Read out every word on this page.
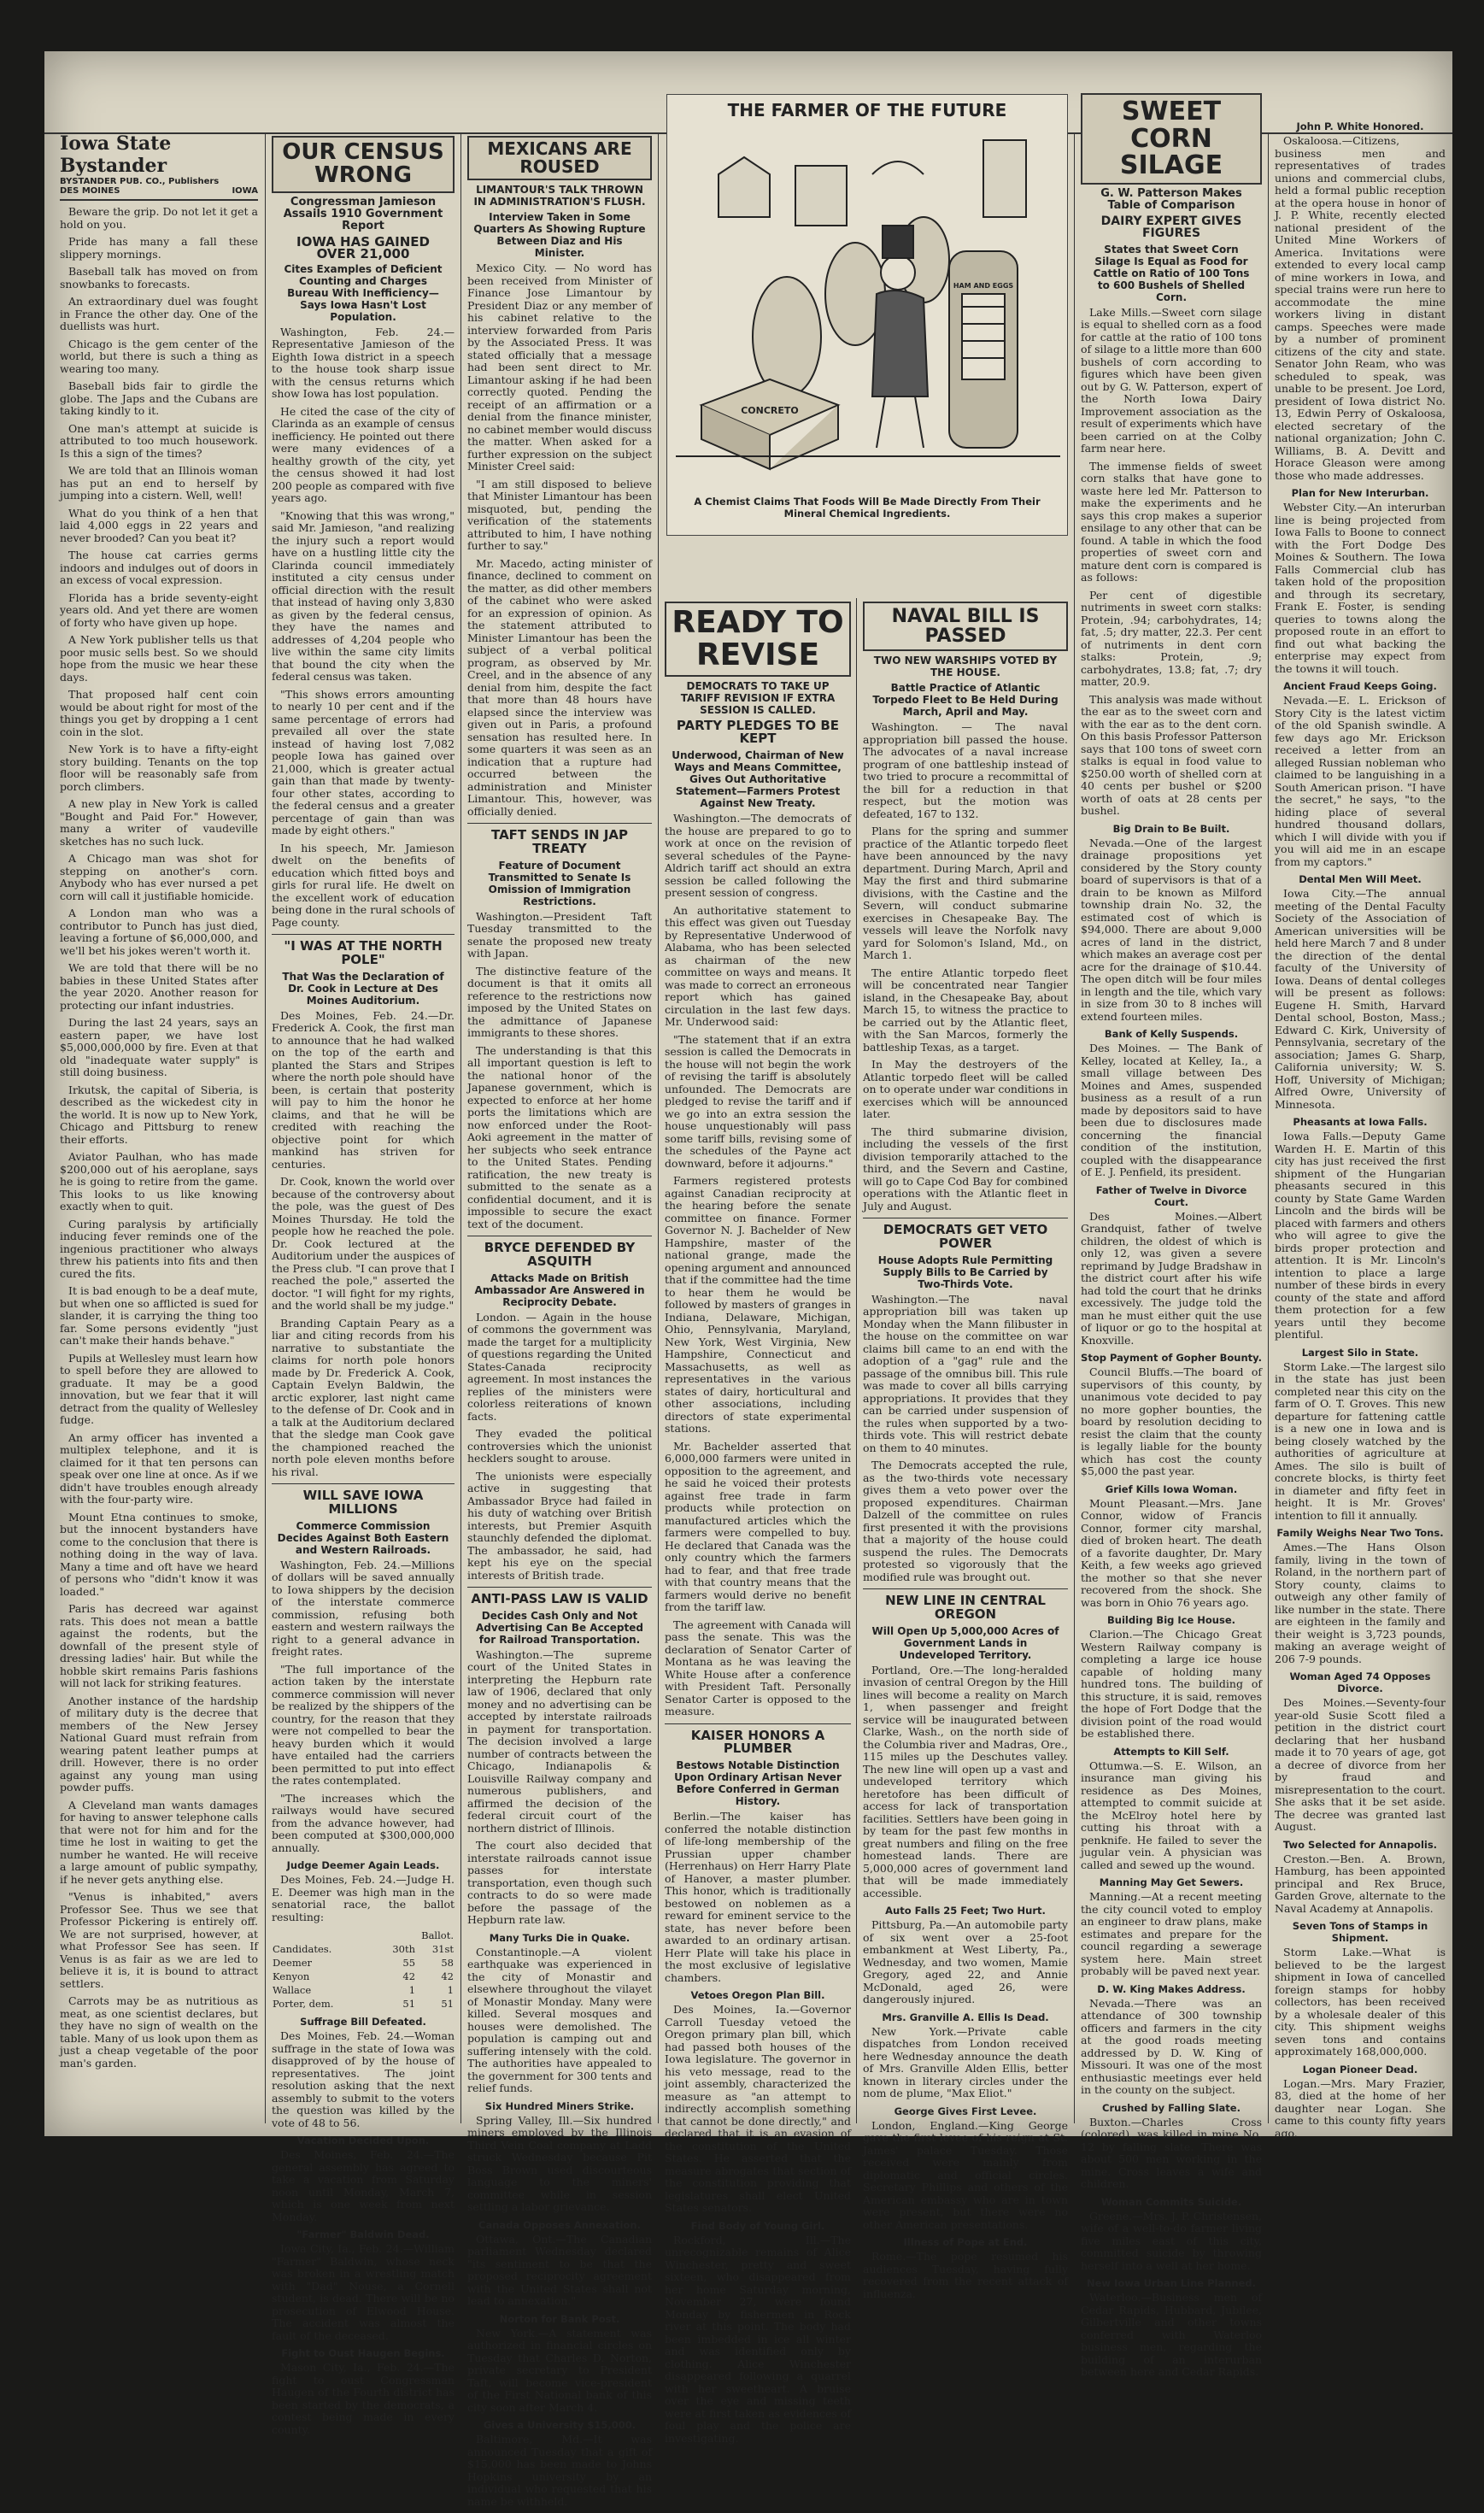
Iowa State Bystander
BYSTANDER PUB. CO., Publishers
DES MOINES	IOWA

Beware the grip. Do not let it get a hold on you.

Pride has many a fall these slippery mornings.

Baseball talk has moved on from snowbanks to forecasts.

An extraordinary duel was fought in France the other day. One of the duellists was hurt.

Chicago is the gem center of the world, but there is such a thing as wearing too many.

Baseball bids fair to girdle the globe. The Japs and the Cubans are taking kindly to it.

One man's attempt at suicide is attributed to too much housework. Is this a sign of the times?

We are told that an Illinois woman has put an end to herself by jumping into a cistern. Well, well!

What do you think of a hen that laid 4,000 eggs in 22 years and never brooded? Can you beat it?

The house cat carries germs indoors and indulges out of doors in an excess of vocal expression.

Florida has a bride seventy-eight years old. And yet there are women of forty who have given up hope.

A New York publisher tells us that poor music sells best. So we should hope from the music we hear these days.

That proposed half cent coin would be about right for most of the things you get by dropping a 1 cent coin in the slot.

New York is to have a fifty-eight story building. Tenants on the top floor will be reasonably safe from porch climbers.

A new play in New York is called "Bought and Paid For." However, many a writer of vaudeville sketches has no such luck.

A Chicago man was shot for stepping on another's corn. Anybody who has ever nursed a pet corn will call it justifiable homicide.

A London man who was a contributor to Punch has just died, leaving a fortune of $6,000,000, and we'll bet his jokes weren't worth it.

We are told that there will be no babies in these United States after the year 2020. Another reason for protecting our infant industries.

During the last 24 years, says an eastern paper, we have lost $5,000,000,000 by fire. Even at that old "inadequate water supply" is still doing business.

Irkutsk, the capital of Siberia, is described as the wickedest city in the world. It is now up to New York, Chicago and Pittsburg to renew their efforts.

Aviator Paulhan, who has made $200,000 out of his aeroplane, says he is going to retire from the game. This looks to us like knowing exactly when to quit.

Curing paralysis by artificially inducing fever reminds one of the ingenious practitioner who always threw his patients into fits and then cured the fits.

It is bad enough to be a deaf mute, but when one so afflicted is sued for slander, it is carrying the thing too far. Some persons evidently "just can't make their hands behave."

Pupils at Wellesley must learn how to spell before they are allowed to graduate. It may be a good innovation, but we fear that it will detract from the quality of Wellesley fudge.

An army officer has invented a multiplex telephone, and it is claimed for it that ten persons can speak over one line at once. As if we didn't have troubles enough already with the four-party wire.

Mount Etna continues to smoke, but the innocent bystanders have come to the conclusion that there is nothing doing in the way of lava. Many a time and oft have we heard of persons who "didn't know it was loaded."

Paris has decreed war against rats. This does not mean a battle against the rodents, but the downfall of the present style of dressing ladies' hair. But while the hobble skirt remains Paris fashions will not lack for striking features.

Another instance of the hardship of military duty is the decree that members of the New Jersey National Guard must refrain from wearing patent leather pumps at drill. However, there is no order against any young man using powder puffs.

A Cleveland man wants damages for having to answer telephone calls that were not for him and for the time he lost in waiting to get the number he wanted. He will receive a large amount of public sympathy, if he never gets anything else.

"Venus is inhabited," avers Professor See. Thus we see that Professor Pickering is entirely off. We are not surprised, however, at what Professor See has seen. If Venus is as fair as we are led to believe it is, it is bound to attract settlers.

Carrots may be as nutritious as meat, as one scientist declares, but they have no sign of wealth on the table. Many of us look upon them as just a cheap vegetable of the poor man's garden.

OUR CENSUS WRONG
Congressman Jamieson Assails 1910 Government Report
IOWA HAS GAINED OVER 21,000
Cites Examples of Deficient Counting and Charges Bureau With Inefficiency—Says Iowa Hasn't Lost Population.

Washington, Feb. 24.—Representative Jamieson of the Eighth Iowa district in a speech to the house took sharp issue with the census returns which show Iowa has lost population.

He cited the case of the city of Clarinda as an example of census inefficiency. He pointed out there were many evidences of a healthy growth of the city, yet the census showed it had lost 200 people as compared with five years ago.

"Knowing that this was wrong," said Mr. Jamieson, "and realizing the injury such a report would have on a hustling little city the Clarinda council immediately instituted a city census under official direction with the result that instead of having only 3,830 as given by the federal census, they have the names and addresses of 4,204 people who live within the same city limits that bound the city when the federal census was taken.

"This shows errors amounting to nearly 10 per cent and if the same percentage of errors had prevailed all over the state instead of having lost 7,082 people Iowa has gained over 21,000, which is greater actual gain than that made by twenty-four other states, according to the federal census and a greater percentage of gain than was made by eight others."

In his speech, Mr. Jamieson dwelt on the benefits of education which fitted boys and girls for rural life. He dwelt on the excellent work of education being done in the rural schools of Page county.

"I WAS AT THE NORTH POLE"
That Was the Declaration of Dr. Cook in Lecture at Des Moines Auditorium.

Des Moines, Feb. 24.—Dr. Frederick A. Cook, the first man to announce that he had walked on the top of the earth and planted the Stars and Stripes where the north pole should have been, is certain that posterity will pay to him the honor he claims, and that he will be credited with reaching the objective point for which mankind has striven for centuries.

Dr. Cook, known the world over because of the controversy about the pole, was the guest of Des Moines Thursday. He told the people how he reached the pole. Dr. Cook lectured at the Auditorium under the auspices of the Press club. "I can prove that I reached the pole," asserted the doctor. "I will fight for my rights, and the world shall be my judge."

Branding Captain Peary as a liar and citing records from his narrative to substantiate the claims for north pole honors made by Dr. Frederick A. Cook, Captain Evelyn Baldwin, the arctic explorer, last night came to the defense of Dr. Cook and in a talk at the Auditorium declared that the sledge man Cook gave the championed reached the north pole eleven months before his rival.

WILL SAVE IOWA MILLIONS
Commerce Commission Decides Against Both Eastern and Western Railroads.

Washington, Feb. 24.—Millions of dollars will be saved annually to Iowa shippers by the decision of the interstate commerce commission, refusing both eastern and western railways the right to a general advance in freight rates.

"The full importance of the action taken by the interstate commerce commission will never be realized by the shippers of the country, for the reason that they were not compelled to bear the heavy burden which it would have entailed had the carriers been permitted to put into effect the rates contemplated.

"The increases which the railways would have secured from the advance however, had been computed at $300,000,000 annually.

Judge Deemer Again Leads.

Des Moines, Feb. 24.—Judge H. E. Deemer was high man in the senatorial race, the ballot resulting:

	Ballot.	
Candidates.	30th	31st
Deemer	55	58
Kenyon	42	42
Wallace	1	1
Porter, dem.	51	51
Suffrage Bill Defeated.

Des Moines, Feb. 24.—Woman suffrage in the state of Iowa was disapproved of by the house of representatives. The joint resolution asking that the next assembly to submit to the voters the question was killed by the vote of 48 to 56.

Vacation Decided Upon.

Des Moines, Feb. 24.—The general assembly has agreed to take a vacation from Saturday noon until Monday, March 7, which is one week from next Monday.

"Farmer" Baldwin Dead.

Iowa City, Ia., Feb. 24.—William "Farmer" Baldwin, whose neck was broken in a wrestling match with "Dad" Nouse, a Cornell student, is dead. There will be no prosecution of Elwood House. The accident was almost the fault of the deceased.

Fight to Oust Haugen Begins.

Mason City, Ia., Feb. 24.—The fight to oust Congressman Haugen of the Fourth district has been started by the democrats, a contest being made in every county.

MEXICANS ARE ROUSED
LIMANTOUR'S TALK THROWN IN ADMINISTRATION'S FLUSH.
Interview Taken in Some Quarters As Showing Rupture Between Diaz and His Minister.

Mexico City. — No word has been received from Minister of Finance Jose Limantour by President Diaz or any member of his cabinet relative to the interview forwarded from Paris by the Associated Press. It was stated officially that a message had been sent direct to Mr. Limantour asking if he had been correctly quoted. Pending the receipt of an affirmation or a denial from the finance minister, no cabinet member would discuss the matter. When asked for a further expression on the subject Minister Creel said:

"I am still disposed to believe that Minister Limantour has been misquoted, but, pending the verification of the statements attributed to him, I have nothing further to say."

Mr. Macedo, acting minister of finance, declined to comment on the matter, as did other members of the cabinet who were asked for an expression of opinion. As the statement attributed to Minister Limantour has been the subject of a verbal political program, as observed by Mr. Creel, and in the absence of any denial from him, despite the fact that more than 48 hours have elapsed since the interview was given out in Paris, a profound sensation has resulted here. In some quarters it was seen as an indication that a rupture had occurred between the administration and Minister Limantour. This, however, was officially denied.

TAFT SENDS IN JAP TREATY
Feature of Document Transmitted to Senate Is Omission of Immigration Restrictions.

Washington.—President Taft Tuesday transmitted to the senate the proposed new treaty with Japan.

The distinctive feature of the document is that it omits all reference to the restrictions now imposed by the United States on the admittance of Japanese immigrants to these shores.

The understanding is that this all important question is left to the national honor of the Japanese government, which is expected to enforce at her home ports the limitations which are now enforced under the Root-Aoki agreement in the matter of her subjects who seek entrance to the United States. Pending ratification, the new treaty is submitted to the senate as a confidential document, and it is impossible to secure the exact text of the document.

BRYCE DEFENDED BY ASQUITH
Attacks Made on British Ambassador Are Answered in Reciprocity Debate.

London. — Again in the house of commons the government was made the target for a multiplicity of questions regarding the United States-Canada reciprocity agreement. In most instances the replies of the ministers were colorless reiterations of known facts.

They evaded the political controversies which the unionist hecklers sought to arouse.

The unionists were especially active in suggesting that Ambassador Bryce had failed in his duty of watching over British interests, but Premier Asquith staunchly defended the diplomat. The ambassador, he said, had kept his eye on the special interests of British trade.

ANTI-PASS LAW IS VALID
Decides Cash Only and Not Advertising Can Be Accepted for Railroad Transportation.

Washington.—The supreme court of the United States in interpreting the Hepburn rate law of 1906, declared that only money and no advertising can be accepted by interstate railroads in payment for transportation. The decision involved a large number of contracts between the Chicago, Indianapolis & Louisville Railway company and numerous publishers, and affirmed the decision of the federal circuit court of the northern district of Illinois.

The court also decided that interstate railroads cannot issue passes for interstate transportation, even though such contracts to do so were made before the passage of the Hepburn rate law.

Many Turks Die in Quake.

Constantinople.—A violent earthquake was experienced in the city of Monastir and elsewhere throughout the vilayet of Monastir Monday. Many were killed. Several mosques and houses were demolished. The population is camping out and suffering intensely with the cold. The authorities have appealed to the government for 300 tents and relief funds.

Six Hundred Miners Strike.

Spring Valley, Ill.—Six hundred miners employed by the Illinois Third Vein Coal company at Ladd struck Wednesday because Pit Boss Brown used discourteous language to the miners' committee while in session settling a labor grievance.

Canada Opposes Annexation.

Ottawa, Ont.—The Canadian parliament Wednesday declared "its sentiment to be that the proposed reciprocity agreement with the United States shall not lead to annexation."

Norton for Bank Post.

New York.—A statement was authorized in financial circles on Tuesday that Charles D. Norton, private secretary to President Taft, will become vice-president of the First National bank of this city soon after March 4.

Gives a University $15,000.

Baltimore, Md.—It was announced Tuesday that a gift of $15,000 has been made to Johns Hopkins university by an individual who requested that his name be withheld.

THE FARMER OF THE FUTURE
CONCRETO
HAM AND EGGS
A Chemist Claims That Foods Will Be Made Directly From Their Mineral Chemical Ingredients.
READY TO REVISE
DEMOCRATS TO TAKE UP TARIFF REVISION IF EXTRA SESSION IS CALLED.
PARTY PLEDGES TO BE KEPT
Underwood, Chairman of New Ways and Means Committee, Gives Out Authoritative Statement—Farmers Protest Against New Treaty.

Washington.—The democrats of the house are prepared to go to work at once on the revision of several schedules of the Payne-Aldrich tariff act should an extra session be called following the present session of congress.

An authoritative statement to this effect was given out Tuesday by Representative Underwood of Alabama, who has been selected as chairman of the new committee on ways and means. It was made to correct an erroneous report which has gained circulation in the last few days. Mr. Underwood said:

"The statement that if an extra session is called the Democrats in the house will not begin the work of revising the tariff is absolutely unfounded. The Democrats are pledged to revise the tariff and if we go into an extra session the house unquestionably will pass some tariff bills, revising some of the schedules of the Payne act downward, before it adjourns."

Farmers registered protests against Canadian reciprocity at the hearing before the senate committee on finance. Former Governor N. J. Bachelder of New Hampshire, master of the national grange, made the opening argument and announced that if the committee had the time to hear them he would be followed by masters of granges in Indiana, Delaware, Michigan, Ohio, Pennsylvania, Maryland, New York, West Virginia, New Hampshire, Connecticut and Massachusetts, as well as representatives in the various states of dairy, horticultural and other associations, including directors of state experimental stations.

Mr. Bachelder asserted that 6,000,000 farmers were united in opposition to the agreement, and he said he voiced their protests against free trade in farm products while protection on manufactured articles which the farmers were compelled to buy. He declared that Canada was the only country which the farmers had to fear, and that free trade with that country means that the farmers would derive no benefit from the tariff law.

The agreement with Canada will pass the senate. This was the declaration of Senator Carter of Montana as he was leaving the White House after a conference with President Taft. Personally Senator Carter is opposed to the measure.

KAISER HONORS A PLUMBER
Bestows Notable Distinction Upon Ordinary Artisan Never Before Conferred in German History.

Berlin.—The kaiser has conferred the notable distinction of life-long membership of the Prussian upper chamber (Herrenhaus) on Herr Harry Plate of Hanover, a master plumber. This honor, which is traditionally bestowed on noblemen as a reward for eminent service to the state, has never before been awarded to an ordinary artisan. Herr Plate will take his place in the most exclusive of legislative chambers.

Vetoes Oregon Plan Bill.

Des Moines, Ia.—Governor Carroll Tuesday vetoed the Oregon primary plan bill, which had passed both houses of the Iowa legislature. The governor in his veto message, read to the joint assembly, characterized the measure as "an attempt to indirectly accomplish something that cannot be done directly," and declared that it is an evasion of the constitution of the United States. He asserted that the measure abrogates that section of the constitution providing that legislatures shall elect United States senators.

Find Body of Young Girl.

Rockford, Ill.—The unrecognizable remains of Alice Winchester, pretty and sweet sixteen, who disappeared from her home Saturday morning, November 27, were found Monday by fishermen in Rock river at this point. The body had been imbedded in ice all winter and was identified only by clothing. Alice Winchester disappeared following a quarrel with her sweetheart. A bruise over the eye and missing teeth were at first taken as evidences of foul play and the police are investigating.

NAVAL BILL IS PASSED
TWO NEW WARSHIPS VOTED BY THE HOUSE.
Battle Practice of Atlantic Torpedo Fleet to Be Held During March, April and May.

Washington. — The naval appropriation bill passed the house. The advocates of a naval increase program of one battleship instead of two tried to procure a recommittal of the bill for a reduction in that respect, but the motion was defeated, 167 to 132.

Plans for the spring and summer practice of the Atlantic torpedo fleet have been announced by the navy department. During March, April and May the first and third submarine divisions, with the Castine and the Severn, will conduct submarine exercises in Chesapeake Bay. The vessels will leave the Norfolk navy yard for Solomon's Island, Md., on March 1.

The entire Atlantic torpedo fleet will be concentrated near Tangier island, in the Chesapeake Bay, about March 15, to witness the practice to be carried out by the Atlantic fleet, with the San Marcos, formerly the battleship Texas, as a target.

In May the destroyers of the Atlantic torpedo fleet will be called on to operate under war conditions in exercises which will be announced later.

The third submarine division, including the vessels of the first division temporarily attached to the third, and the Severn and Castine, will go to Cape Cod Bay for combined operations with the Atlantic fleet in July and August.

DEMOCRATS GET VETO POWER
House Adopts Rule Permitting Supply Bills to Be Carried by Two-Thirds Vote.

Washington.—The naval appropriation bill was taken up Monday when the Mann filibuster in the house on the committee on war claims bill came to an end with the adoption of a "gag" rule and the passage of the omnibus bill. This rule was made to cover all bills carrying appropriations. It provides that they can be carried under suspension of the rules when supported by a two-thirds vote. This will restrict debate on them to 40 minutes.

The Democrats accepted the rule, as the two-thirds vote necessary gives them a veto power over the proposed expenditures. Chairman Dalzell of the committee on rules first presented it with the provisions that a majority of the house could suspend the rules. The Democrats protested so vigorously that the modified rule was brought out.

NEW LINE IN CENTRAL OREGON
Will Open Up 5,000,000 Acres of Government Lands in Undeveloped Territory.

Portland, Ore.—The long-heralded invasion of central Oregon by the Hill lines will become a reality on March 1, when passenger and freight service will be inaugurated between Clarke, Wash., on the north side of the Columbia river and Madras, Ore., 115 miles up the Deschutes valley. The new line will open up a vast and undeveloped territory which heretofore has been difficult of access for lack of transportation facilities. Settlers have been going in by team for the past few months in great numbers and filing on the free homestead lands. There are 5,000,000 acres of government land that will be made immediately accessible.

Auto Falls 25 Feet; Two Hurt.

Pittsburg, Pa.—An automobile party of six went over a 25-foot embankment at West Liberty, Pa., Wednesday, and two women, Mamie Gregory, aged 22, and Annie McDonald, aged 26, were dangerously injured.

Mrs. Granville A. Ellis Is Dead.

New York.—Private cable dispatches from London received here Wednesday announce the death of Mrs. Granville Alden Ellis, better known in literary circles under the nom de plume, "Max Eliot."

George Gives First Levee.

London, England.—King George gave the first levee of his reign at St. James' palace Tuesday. Those received were mainly from diplomatic and official circles. Secretary Phillips and others of the American embassy who are in town were present, but there were no other American presentations.

Illness of Pope at End.

Rome.—The pope resumed his audiences Tuesday, having fully recovered from the recent attack of influenza.

SWEET CORN SILAGE
G. W. Patterson Makes Table of Comparison
DAIRY EXPERT GIVES FIGURES
States that Sweet Corn Silage Is Equal as Food for Cattle on Ratio of 100 Tons to 600 Bushels of Shelled Corn.

Lake Mills.—Sweet corn silage is equal to shelled corn as a food for cattle at the ratio of 100 tons of silage to a little more than 600 bushels of corn according to figures which have been given out by G. W. Patterson, expert of the North Iowa Dairy Improvement association as the result of experiments which have been carried on at the Colby farm near here.

The immense fields of sweet corn stalks that have gone to waste here led Mr. Patterson to make the experiments and he says this crop makes a superior ensilage to any other that can be found. A table in which the food properties of sweet corn and mature dent corn is compared is as follows:

Per cent of digestible nutriments in sweet corn stalks: Protein, .94; carbohydrates, 14; fat, .5; dry matter, 22.3. Per cent of nutriments in dent corn stalks: Protein, .9; carbohydrates, 13.8; fat, .7; dry matter, 20.9.

This analysis was made without the ear as to the sweet corn and with the ear as to the dent corn. On this basis Professor Patterson says that 100 tons of sweet corn stalks is equal in food value to $250.00 worth of shelled corn at 40 cents per bushel or $200 worth of oats at 28 cents per bushel.

Big Drain to Be Built.

Nevada.—One of the largest drainage propositions yet considered by the Story county board of supervisors is that of a drain to be known as Milford township drain No. 32, the estimated cost of which is $94,000. There are about 9,000 acres of land in the district, which makes an average cost per acre for the drainage of $10.44. The open ditch will be four miles in length and the tile, which vary in size from 30 to 8 inches will extend fourteen miles.

Bank of Kelly Suspends.

Des Moines. — The Bank of Kelley, located at Kelley, Ia., a small village between Des Moines and Ames, suspended business as a result of a run made by depositors said to have been due to disclosures made concerning the financial condition of the institution, coupled with the disappearance of E. J. Penfield, its president.

Father of Twelve in Divorce Court.

Des Moines.—Albert Grandquist, father of twelve children, the oldest of which is only 12, was given a severe reprimand by Judge Bradshaw in the district court after his wife had told the court that he drinks excessively. The judge told the man he must either quit the use of liquor or go to the hospital at Knoxville.

Stop Payment of Gopher Bounty.

Council Bluffs.—The board of supervisors of this county, by unanimous vote decided to pay no more gopher bounties, the board by resolution deciding to resist the claim that the county is legally liable for the bounty which has cost the county $5,000 the past year.

Grief Kills Iowa Woman.

Mount Pleasant.—Mrs. Jane Connor, widow of Francis Connor, former city marshal, died of broken heart. The death of a favorite daughter, Dr. Mary Keith, a few weeks ago grieved the mother so that she never recovered from the shock. She was born in Ohio 76 years ago.

Building Big Ice House.

Clarion.—The Chicago Great Western Railway company is completing a large ice house capable of holding many hundred tons. The building of this structure, it is said, removes the hope of Fort Dodge that the division point of the road would be established there.

Attempts to Kill Self.

Ottumwa.—S. E. Wilson, an insurance man giving his residence as Des Moines, attempted to commit suicide at the McElroy hotel here by cutting his throat with a penknife. He failed to sever the jugular vein. A physician was called and sewed up the wound.

Manning May Get Sewers.

Manning.—At a recent meeting the city council voted to employ an engineer to draw plans, make estimates and prepare for the council regarding a sewerage system here. Main street probably will be paved next year.

D. W. King Makes Address.

Nevada.—There was an attendance of 300 township officers and farmers in the city at the good roads meeting addressed by D. W. King of Missouri. It was one of the most enthusiastic meetings ever held in the county on the subject.

Crushed by Falling Slate.

Buxton.—Charles Cross (colored), was killed in mine No. 12 by falling slate. There was about 500 men working in the mine. Cross leaves a wife and children.

Woman Commits Suicide.

Greene.—Mrs. J. P. Christensen, wife of a well-to-do farmer living five miles east of this city, committed suicide by throwing herself into a well at her home.

New Iowa Urban Line Planned.

Waterloo.—Business men of Cedar Rapids, Hubbard, Jubilee, Gilbertville and other towns conferred with Waterloo business men, regarding the building of an interurban between here and Cedar Rapids.

John P. White Honored.

Oskaloosa.—Citizens, business men and representatives of trades unions and commercial clubs, held a formal public reception at the opera house in honor of J. P. White, recently elected national president of the United Mine Workers of America. Invitations were extended to every local camp of mine workers in Iowa, and special trains were run here to accommodate the mine workers living in distant camps. Speeches were made by a number of prominent citizens of the city and state. Senator John Ream, who was scheduled to speak, was unable to be present. Joe Lord, president of Iowa district No. 13, Edwin Perry of Oskaloosa, elected secretary of the national organization; John C. Williams, B. A. Devitt and Horace Gleason were among those who made addresses.

Plan for New Interurban.

Webster City.—An interurban line is being projected from Iowa Falls to Boone to connect with the Fort Dodge Des Moines & Southern. The Iowa Falls Commercial club has taken hold of the proposition and through its secretary, Frank E. Foster, is sending queries to towns along the proposed route in an effort to find out what backing the enterprise may expect from the towns it will touch.

Ancient Fraud Keeps Going.

Nevada.—E. L. Erickson of Story City is the latest victim of the old Spanish swindle. A few days ago Mr. Erickson received a letter from an alleged Russian nobleman who claimed to be languishing in a South American prison. "I have the secret," he says, "to the hiding place of several hundred thousand dollars, which I will divide with you if you will aid me in an escape from my captors."

Dental Men Will Meet.

Iowa City.—The annual meeting of the Dental Faculty Society of the Association of American universities will be held here March 7 and 8 under the direction of the dental faculty of the University of Iowa. Deans of dental colleges will be present as follows: Eugene H. Smith, Harvard Dental school, Boston, Mass.; Edward C. Kirk, University of Pennsylvania, secretary of the association; James G. Sharp, California university; W. S. Hoff, University of Michigan; Alfred Owre, University of Minnesota.

Pheasants at Iowa Falls.

Iowa Falls.—Deputy Game Warden H. E. Martin of this city has just received the first shipment of the Hungarian pheasants secured in this county by State Game Warden Lincoln and the birds will be placed with farmers and others who will agree to give the birds proper protection and attention. It is Mr. Lincoln's intention to place a large number of these birds in every county of the state and afford them protection for a few years until they become plentiful.

Largest Silo in State.

Storm Lake.—The largest silo in the state has just been completed near this city on the farm of O. T. Groves. This new departure for fattening cattle is a new one in Iowa and is being closely watched by the authorities of agriculture at Ames. The silo is built of concrete blocks, is thirty feet in diameter and fifty feet in height. It is Mr. Groves' intention to fill it annually.

Family Weighs Near Two Tons.

Ames.—The Hans Olson family, living in the town of Roland, in the northern part of Story county, claims to outweigh any other family of like number in the state. There are eighteen in the family and their weight is 3,723 pounds, making an average weight of 206 7-9 pounds.

Woman Aged 74 Opposes Divorce.

Des Moines.—Seventy-four year-old Susie Scott filed a petition in the district court declaring that her husband made it to 70 years of age, got a decree of divorce from her by fraud and misrepresentation to the court. She asks that it be set aside. The decree was granted last August.

Two Selected for Annapolis.

Creston.—Ben. A. Brown, Hamburg, has been appointed principal and Rex Bruce, Garden Grove, alternate to the Naval Academy at Annapolis.

Seven Tons of Stamps in Shipment.

Storm Lake.—What is believed to be the largest shipment in Iowa of cancelled foreign stamps for hobby collectors, has been received by a wholesale dealer of this city. This shipment weighs seven tons and contains approximately 168,000,000.

Logan Pioneer Dead.

Logan.—Mrs. Mary Frazier, 83, died at the home of her daughter near Logan. She came to this county fifty years ago.
